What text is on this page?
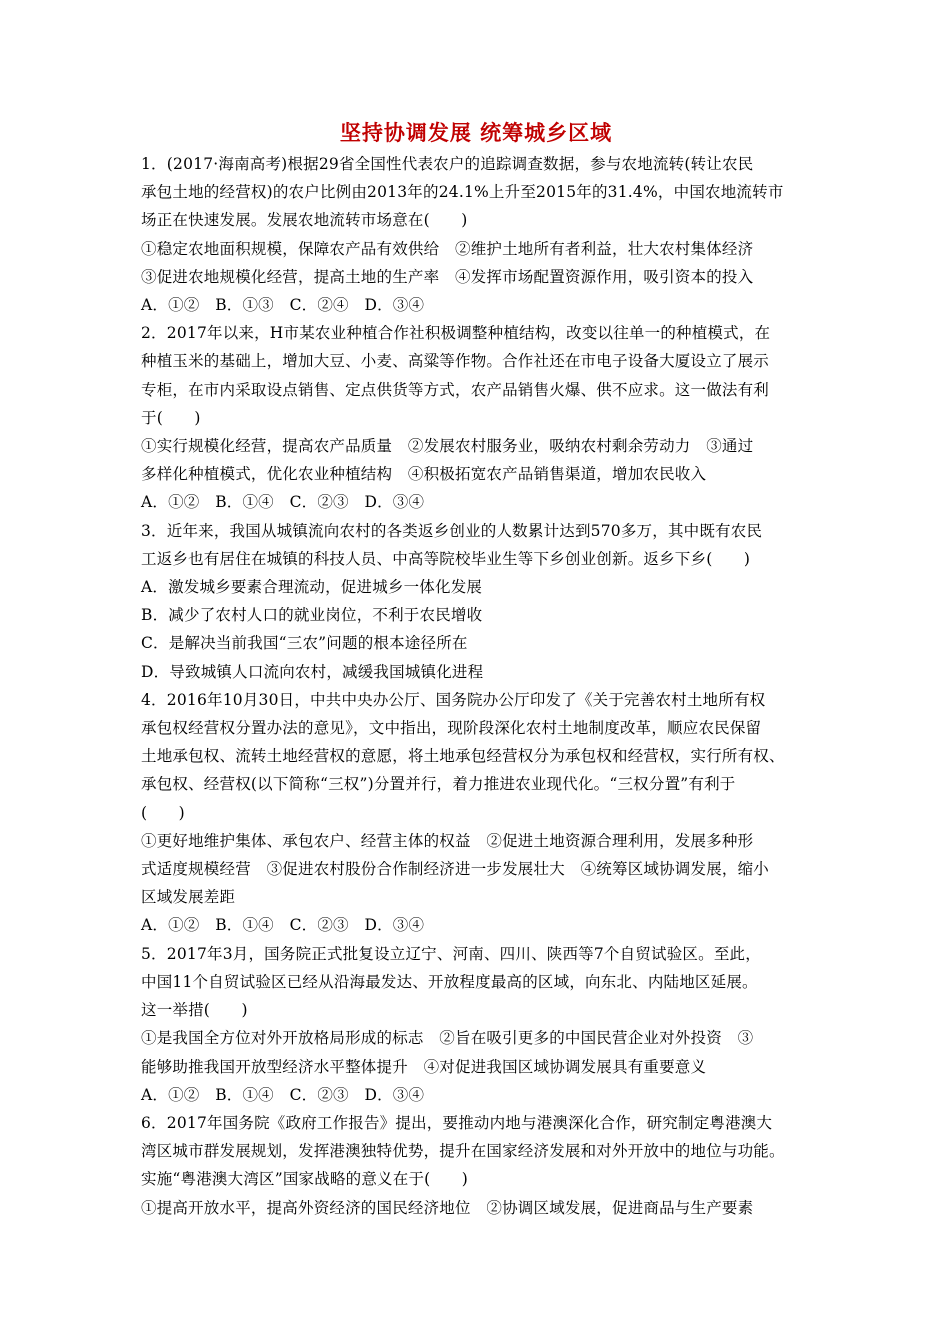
坚持协调发展 统筹城乡区域
1．(2017·海南高考)根据29省全国性代表农户的追踪调查数据，参与农地流转(转让农民
承包土地的经营权)的农户比例由2013年的24.1%上升至2015年的31.4%，中国农地流转市
场正在快速发展。发展农地流转市场意在(　　)
①稳定农地面积规模，保障农产品有效供给　②维护土地所有者利益，壮大农村集体经济
③促进农地规模化经营，提高土地的生产率　④发挥市场配置资源作用，吸引资本的投入
A．①②　B．①③　C．②④　D．③④
2．2017年以来，H市某农业种植合作社积极调整种植结构，改变以往单一的种植模式，在
种植玉米的基础上，增加大豆、小麦、高粱等作物。合作社还在市电子设备大厦设立了展示
专柜，在市内采取设点销售、定点供货等方式，农产品销售火爆、供不应求。这一做法有利
于(　　)
①实行规模化经营，提高农产品质量　②发展农村服务业，吸纳农村剩余劳动力　③通过
多样化种植模式，优化农业种植结构　④积极拓宽农产品销售渠道，增加农民收入
A．①②　B．①④　C．②③　D．③④
3．近年来，我国从城镇流向农村的各类返乡创业的人数累计达到570多万，其中既有农民
工返乡也有居住在城镇的科技人员、中高等院校毕业生等下乡创业创新。返乡下乡(　　)
A．激发城乡要素合理流动，促进城乡一体化发展
B．减少了农村人口的就业岗位，不利于农民增收
C．是解决当前我国“三农”问题的根本途径所在
D．导致城镇人口流向农村，减缓我国城镇化进程
4．2016年10月30日，中共中央办公厅、国务院办公厅印发了《关于完善农村土地所有权
承包权经营权分置办法的意见》，文中指出，现阶段深化农村土地制度改革，顺应农民保留
土地承包权、流转土地经营权的意愿，将土地承包经营权分为承包权和经营权，实行所有权、
承包权、经营权(以下简称“三权”)分置并行，着力推进农业现代化。“三权分置”有利于
(　　)
①更好地维护集体、承包农户、经营主体的权益　②促进土地资源合理利用，发展多种形
式适度规模经营　③促进农村股份合作制经济进一步发展壮大　④统筹区域协调发展，缩小
区域发展差距
A．①②　B．①④　C．②③　D．③④
5．2017年3月，国务院正式批复设立辽宁、河南、四川、陕西等7个自贸试验区。至此，
中国11个自贸试验区已经从沿海最发达、开放程度最高的区域，向东北、内陆地区延展。
这一举措(　　)
①是我国全方位对外开放格局形成的标志　②旨在吸引更多的中国民营企业对外投资　③
能够助推我国开放型经济水平整体提升　④对促进我国区域协调发展具有重要意义
A．①②　B．①④　C．②③　D．③④
6．2017年国务院《政府工作报告》提出，要推动内地与港澳深化合作，研究制定粤港澳大
湾区城市群发展规划，发挥港澳独特优势，提升在国家经济发展和对外开放中的地位与功能。
实施“粤港澳大湾区”国家战略的意义在于(　　)
①提高开放水平，提高外资经济的国民经济地位　②协调区域发展，促进商品与生产要素
